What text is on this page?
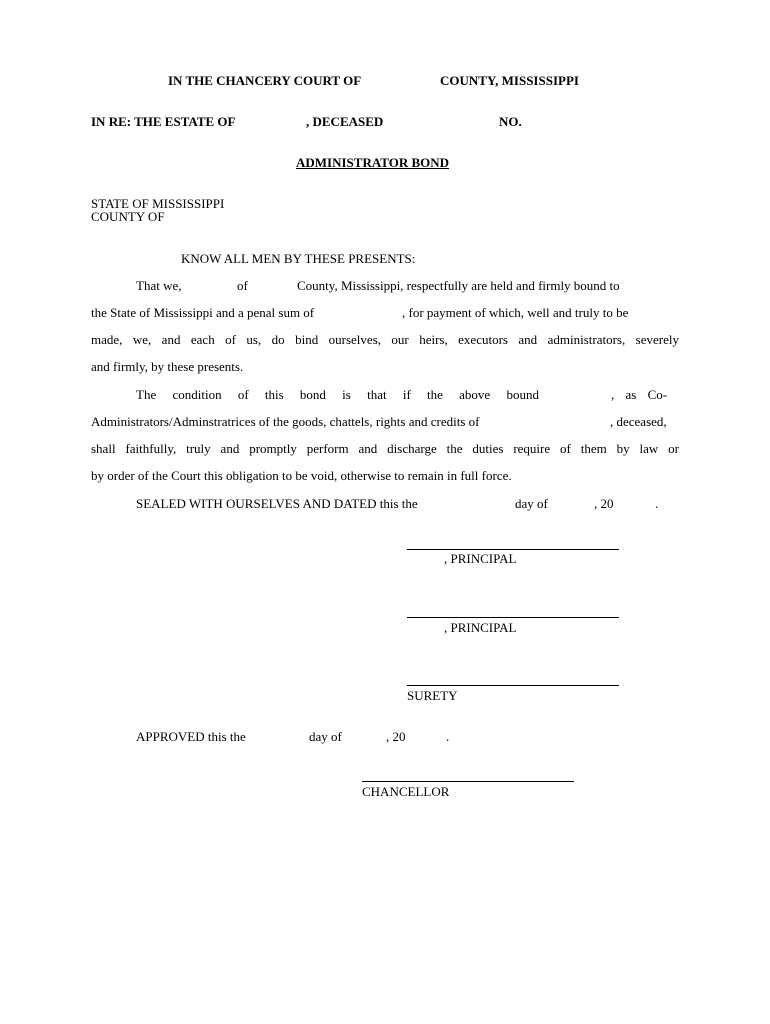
IN THE CHANCERY COURT OF	COUNTY, MISSISSIPPI
IN RE: THE ESTATE OF	, DECEASED	NO.
ADMINISTRATOR BOND
STATE OF MISSISSIPPI
COUNTY OF
KNOW ALL MEN BY THESE PRESENTS:
That we,	of	County, Mississippi, respectfully are held and firmly bound to
the State of Mississippi and a penal sum of	, for payment of which, well and truly to be
made, we, and each of us, do bind ourselves, our heirs, executors and administrators, severely
and firmly, by these presents.
The condition of this bond is that if the above bound	, as Co-
Administrators/Adminstratrices of the goods, chattels, rights and credits of	, deceased,
shall faithfully, truly and promptly perform and discharge the duties require of them by law or
by order of the Court this obligation to be void, otherwise to remain in full force.
SEALED WITH OURSELVES AND DATED this the	day of	, 20	.
, PRINCIPAL
, PRINCIPAL
SURETY
APPROVED this the	day of	, 20	.
CHANCELLOR
